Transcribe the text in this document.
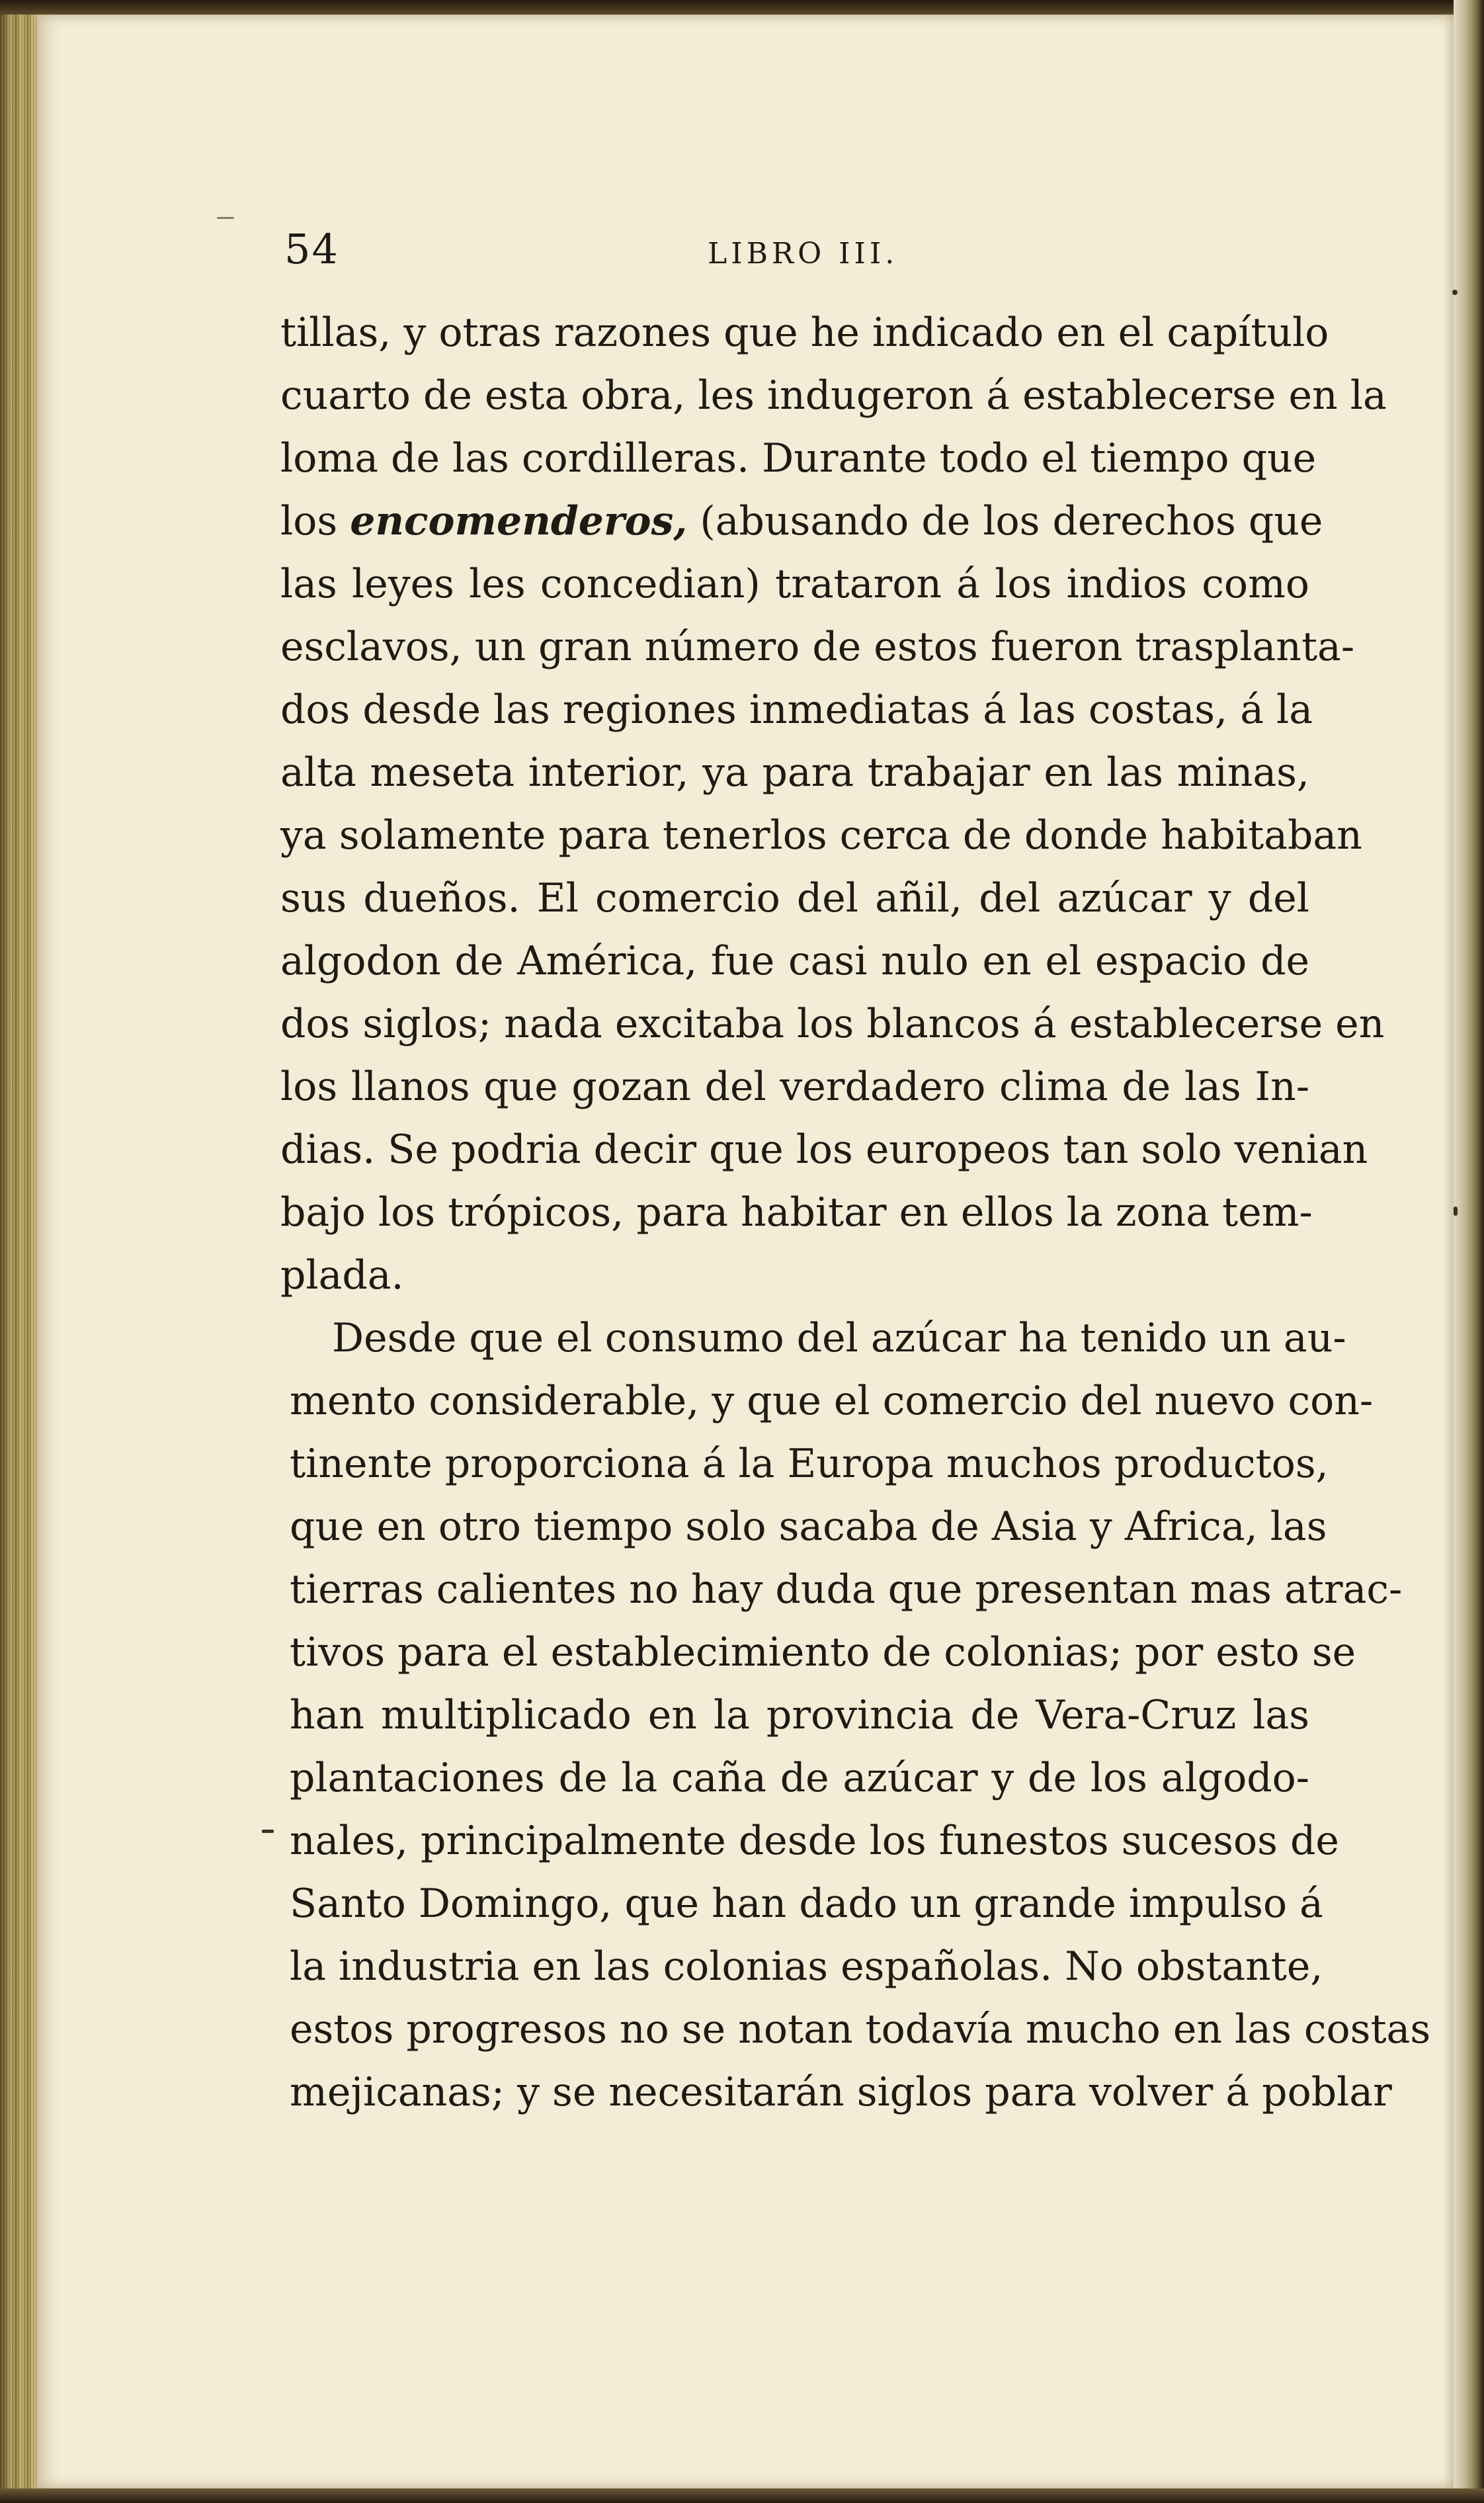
54	LIBRO III.
tillas, y otras razones que he indicado en el capítulo
cuarto de esta obra, les indugeron á establecerse en la
loma de las cordilleras. Durante todo el tiempo que
los encomenderos, (abusando de los derechos que
las leyes les concedian) trataron á los indios como
esclavos, un gran número de estos fueron trasplanta-
dos desde las regiones inmediatas á las costas, á la
alta meseta interior, ya para trabajar en las minas,
ya solamente para tenerlos cerca de donde habitaban
sus dueños. El comercio del añil, del azúcar y del
algodon de América, fue casi nulo en el espacio de
dos siglos; nada excitaba los blancos á establecerse en
los llanos que gozan del verdadero clima de las In-
dias. Se podria decir que los europeos tan solo venian
bajo los trópicos, para habitar en ellos la zona tem-
plada.
Desde que el consumo del azúcar ha tenido un au-
mento considerable, y que el comercio del nuevo con-
tinente proporciona á la Europa muchos productos,
que en otro tiempo solo sacaba de Asia y Africa, las
tierras calientes no hay duda que presentan mas atrac-
tivos para el establecimiento de colonias; por esto se
han multiplicado en la provincia de Vera-Cruz las
plantaciones de la caña de azúcar y de los algodo-
nales, principalmente desde los funestos sucesos de
Santo Domingo, que han dado un grande impulso á
la industria en las colonias españolas. No obstante,
estos progresos no se notan todavía mucho en las costas
mejicanas; y se necesitarán siglos para volver á poblar
